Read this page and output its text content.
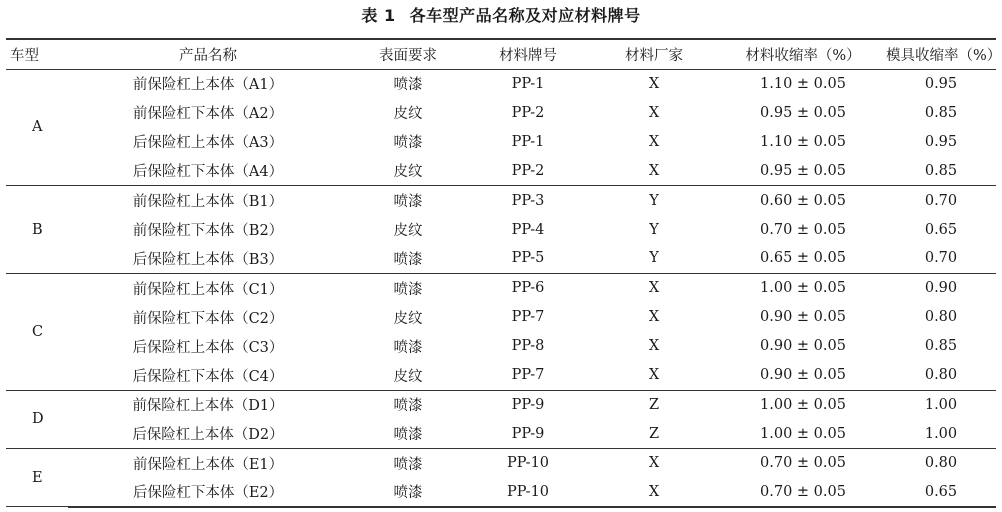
表 1 各车型产品名称及对应材料牌号
车型	产品名称	表面要求	材料牌号	材料厂家	材料收缩率（%）	模具收缩率（%）
A	前保险杠上本体（A1）	喷漆	PP-1	X	1.10 ± 0.05	0.95
	前保险杠下本体（A2）	皮纹	PP-2	X	0.95 ± 0.05	0.85
	后保险杠上本体（A3）	喷漆	PP-1	X	1.10 ± 0.05	0.95
	后保险杠下本体（A4）	皮纹	PP-2	X	0.95 ± 0.05	0.85
B	前保险杠上本体（B1）	喷漆	PP-3	Y	0.60 ± 0.05	0.70
	前保险杠下本体（B2）	皮纹	PP-4	Y	0.70 ± 0.05	0.65
	后保险杠上本体（B3）	喷漆	PP-5	Y	0.65 ± 0.05	0.70
C	前保险杠上本体（C1）	喷漆	PP-6	X	1.00 ± 0.05	0.90
	前保险杠下本体（C2）	皮纹	PP-7	X	0.90 ± 0.05	0.80
	后保险杠上本体（C3）	喷漆	PP-8	X	0.90 ± 0.05	0.85
	后保险杠下本体（C4）	皮纹	PP-7	X	0.90 ± 0.05	0.80
D	前保险杠上本体（D1）	喷漆	PP-9	Z	1.00 ± 0.05	1.00
	后保险杠上本体（D2）	喷漆	PP-9	Z	1.00 ± 0.05	1.00
E	前保险杠上本体（E1）	喷漆	PP-10	X	0.70 ± 0.05	0.80
	后保险杠下本体（E2）	喷漆	PP-10	X	0.70 ± 0.05	0.65
